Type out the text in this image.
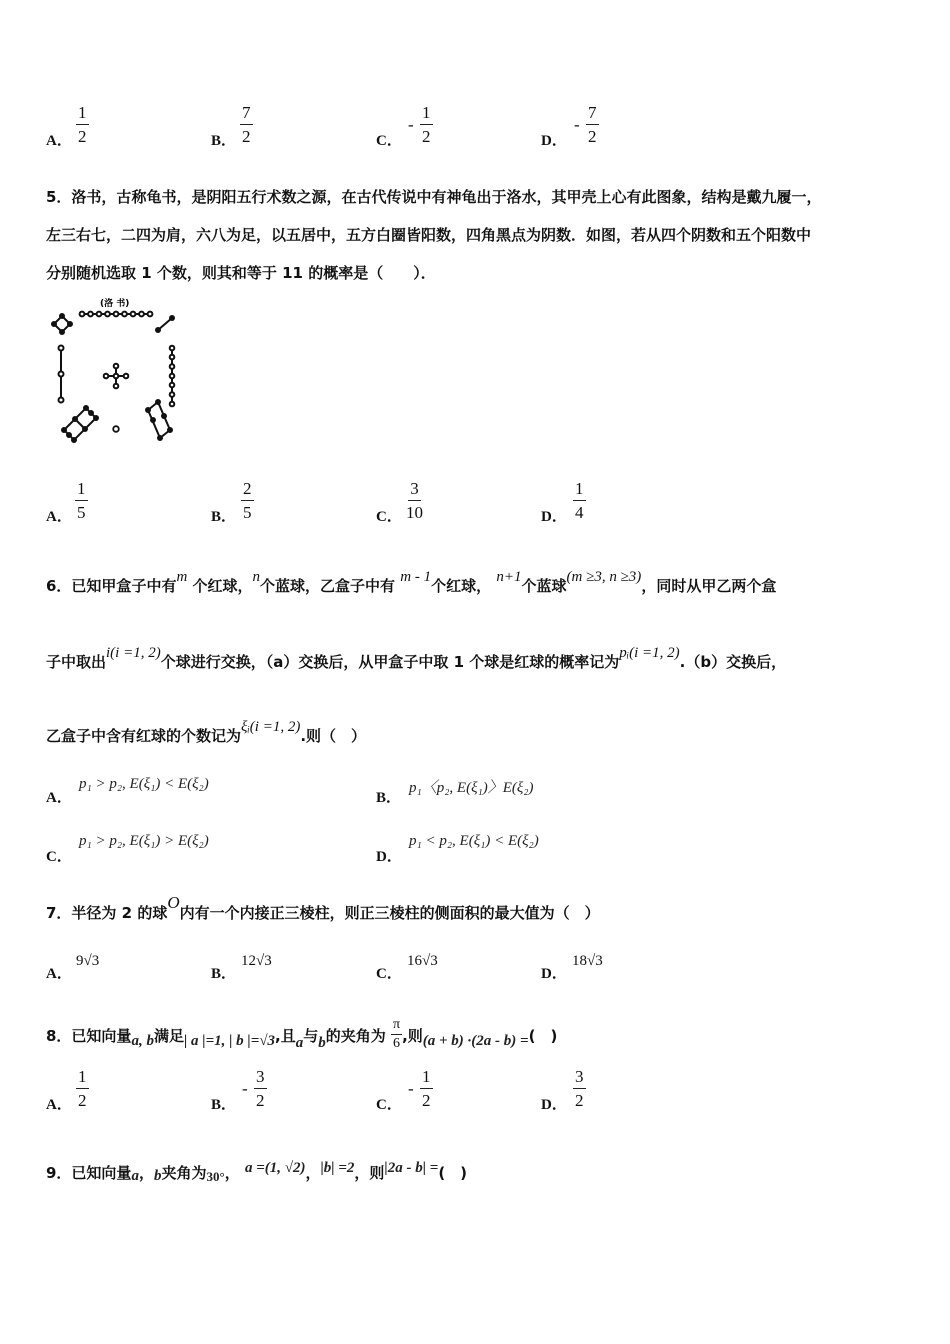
A． $\frac{1}{2}$	B． $\frac{7}{2}$	C．
- $\frac{1}{2}$	D．
- $\frac{7}{2}$
5．洛书，古称龟书，是阴阳五行术数之源，在古代传说中有神龟出于洛水，其甲壳上心有此图象，结构是戴九履一，
左三右七，二四为肩，六八为足，以五居中，五方白圈皆阳数，四角黑点为阴数．如图，若从四个阴数和五个阳数中
分别随机选取 1 个数，则其和等于 11 的概率是（　　）．
(洛 书)
A． $\frac{1}{5}$	B． $\frac{2}{5}$	C． $\frac{3}{10}$	D． $\frac{1}{4}$
6．已知甲盒子中有m 个红球，n个蓝球，乙盒子中有 m - 1个红球， n+1个蓝球(m ≥3, n ≥3)，同时从甲乙两个盒
子中取出i(i =1, 2)个球进行交换，（a）交换后，从甲盒子中取 1 个球是红球的概率记为pᵢ(i =1, 2).（b）交换后，
乙盒子中含有红球的个数记为ξᵢ(i =1, 2).则（　）
A．
p₁ > p₂, E(ξ₁) < E(ξ₂)
B．
p₁〈p₂, E(ξ₁)〉E(ξ₂)
C．
p₁ > p₂, E(ξ₁) > E(ξ₂)
D．
p₁ < p₂, E(ξ₁) < E(ξ₂)
7．半径为 2 的球O内有一个内接正三棱柱，则正三棱柱的侧面积的最大值为（　）
A．
9√3
B．
12√3
C．
16√3
D．
18√3
8．已知向量a, b满足| a |=1, | b |=√3,且a与b的夹角为 $\frac{\pi}{6}$ ,则(a + b) ·(2a - b) =(　)
A． $\frac{1}{2}$	B．
- $\frac{3}{2}$	C．
- $\frac{1}{2}$	D． $\frac{3}{2}$
9．已知向量a，b夹角为30°， a =(1, √2)，|b| =2，则|2a - b| =(　)
